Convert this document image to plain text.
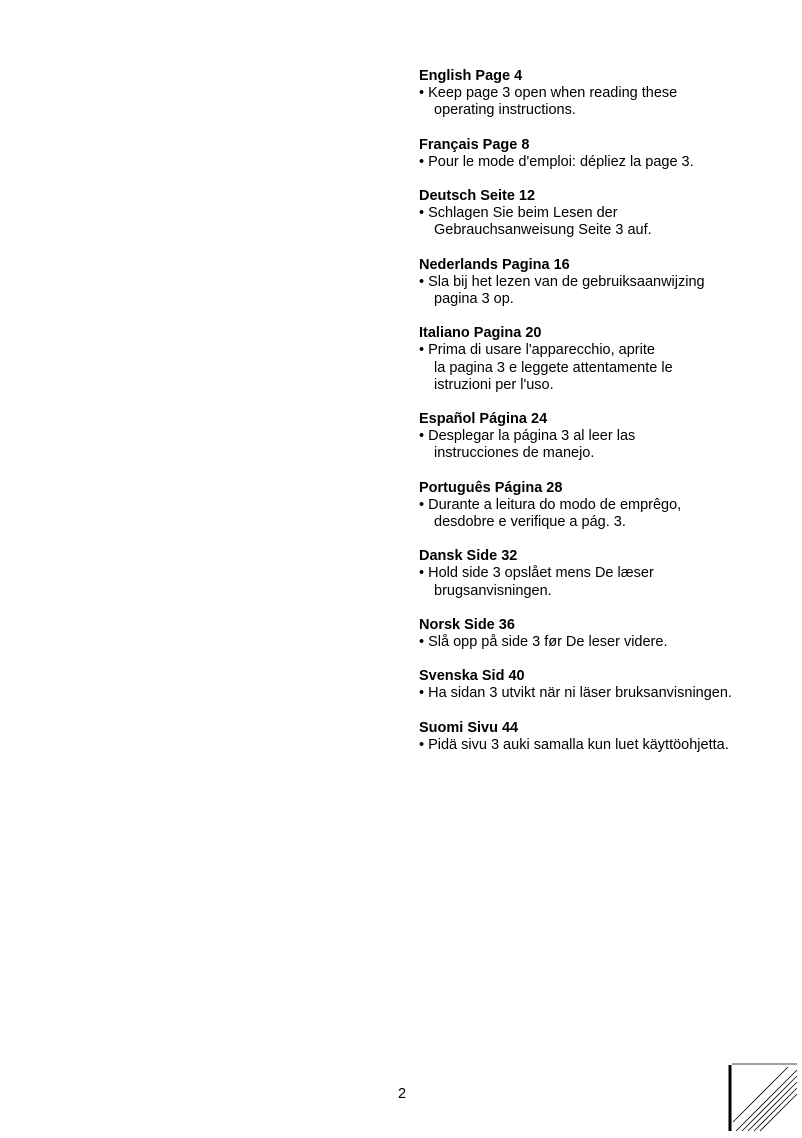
English Page 4

• Keep page 3 open when reading these

operating instructions.

Français Page 8

• Pour le mode d'emploi: dépliez la page 3.

Deutsch Seite 12

• Schlagen Sie beim Lesen der

Gebrauchsanweisung Seite 3 auf.

Nederlands Pagina 16

• Sla bij het lezen van de gebruiksaanwijzing

pagina 3 op.

Italiano Pagina 20

• Prima di usare l'apparecchio, aprite

la pagina 3 e leggete attentamente le

istruzioni per l'uso.

Español Página 24

• Desplegar la página 3 al leer las

instrucciones de manejo.

Português Página 28

• Durante a leitura do modo de emprêgo,

desdobre e verifique a pág. 3.

Dansk Side 32

• Hold side 3 opslået mens De læser

brugsanvisningen.

Norsk Side 36

• Slå opp på side 3 før De leser videre.

Svenska Sid 40

• Ha sidan 3 utvikt när ni läser bruksanvisningen.

Suomi Sivu 44

• Pidä sivu 3 auki samalla kun luet käyttöohjetta.

2
